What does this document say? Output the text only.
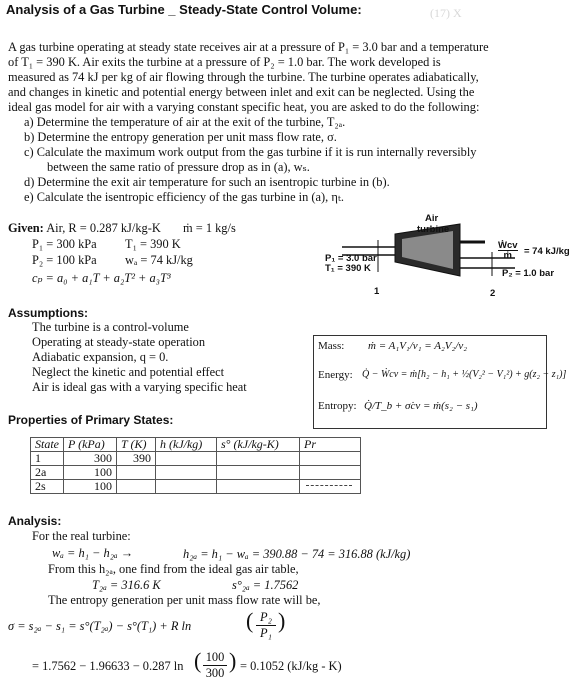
Analysis of a Gas Turbine _ Steady-State Control Volume:	(17) X
A gas turbine operating at steady state receives air at a pressure of P₁ = 3.0 bar and a temperature
of T₁ = 390 K. Air exits the turbine at a pressure of P₂ = 1.0 bar. The work developed is
measured as 74 kJ per kg of air flowing through the turbine. The turbine operates adiabatically,
and changes in kinetic and potential energy between inlet and exit can be neglected. Using the
ideal gas model for air with a varying constant specific heat, you are asked to do the following:
a) Determine the temperature of air at the exit of the turbine, T₂ₐ.
b) Determine the entropy generation per unit mass flow rate, σ.
c) Calculate the maximum work output from the gas turbine if it is run internally reversibly
between the same ratio of pressure drop as in (a), wₛ.
d) Determine the exit air temperature for such an isentropic turbine in (b).
e) Calculate the isentropic efficiency of the gas turbine in (a), ηₜ.
Given: Air, R = 0.287 kJ/kg-K ṁ = 1 kg/s
P₁ = 300 kPa T₁ = 390 K
P₂ = 100 kPa wₐ = 74 kJ/kg
cₚ = a₀ + a₁T + a₂T² + a₃T³
Air
turbine
P₁ = 3.0 bar
T₁ = 390 K
Ẇcv
ṁ	= 74 kJ/kg
P₂ = 1.0 bar
1	2
Assumptions:
The turbine is a control-volume
Operating at steady-state operation
Adiabatic expansion, q = 0.
Neglect the kinetic and potential effect
Air is ideal gas with a varying specific heat
Mass: ṁ = A₁V₁/v₁ = A₂V₂/v₂
Energy: Q̇ − Ẇcv = ṁ[h₂ − h₁ + ½(V₂² − V₁²) + g(z₂ − z₁)]
Entropy: Q̇/T_b + σ̇cv = ṁ(s₂ − s₁)
Properties of Primary States:
State	P (kPa)	T (K)	h (kJ/kg)	s° (kJ/kg-K)	Pr
1	300	390			
2a	100				
2s	100				
Analysis:
For the real turbine:
wₐ = h₁ − h₂ₐ →	h₂ₐ = h₁ − wₐ = 390.88 − 74 = 316.88 (kJ/kg)
From this h₂ₐ, one find from the ideal gas air table,
T₂ₐ = 316.6 K	s°₂ₐ = 1.7562
The entropy generation per unit mass flow rate will be,
σ = s₂ₐ − s₁ = s°(T₂ₐ) − s°(T₁) + R ln ( $\frac{\text{P₂}}{\text{P₁}}$ )
= 1.7562 − 1.96633 − 0.287 ln ( $\frac{100}{300}$ ) = 0.1052 (kJ/kg - K)
